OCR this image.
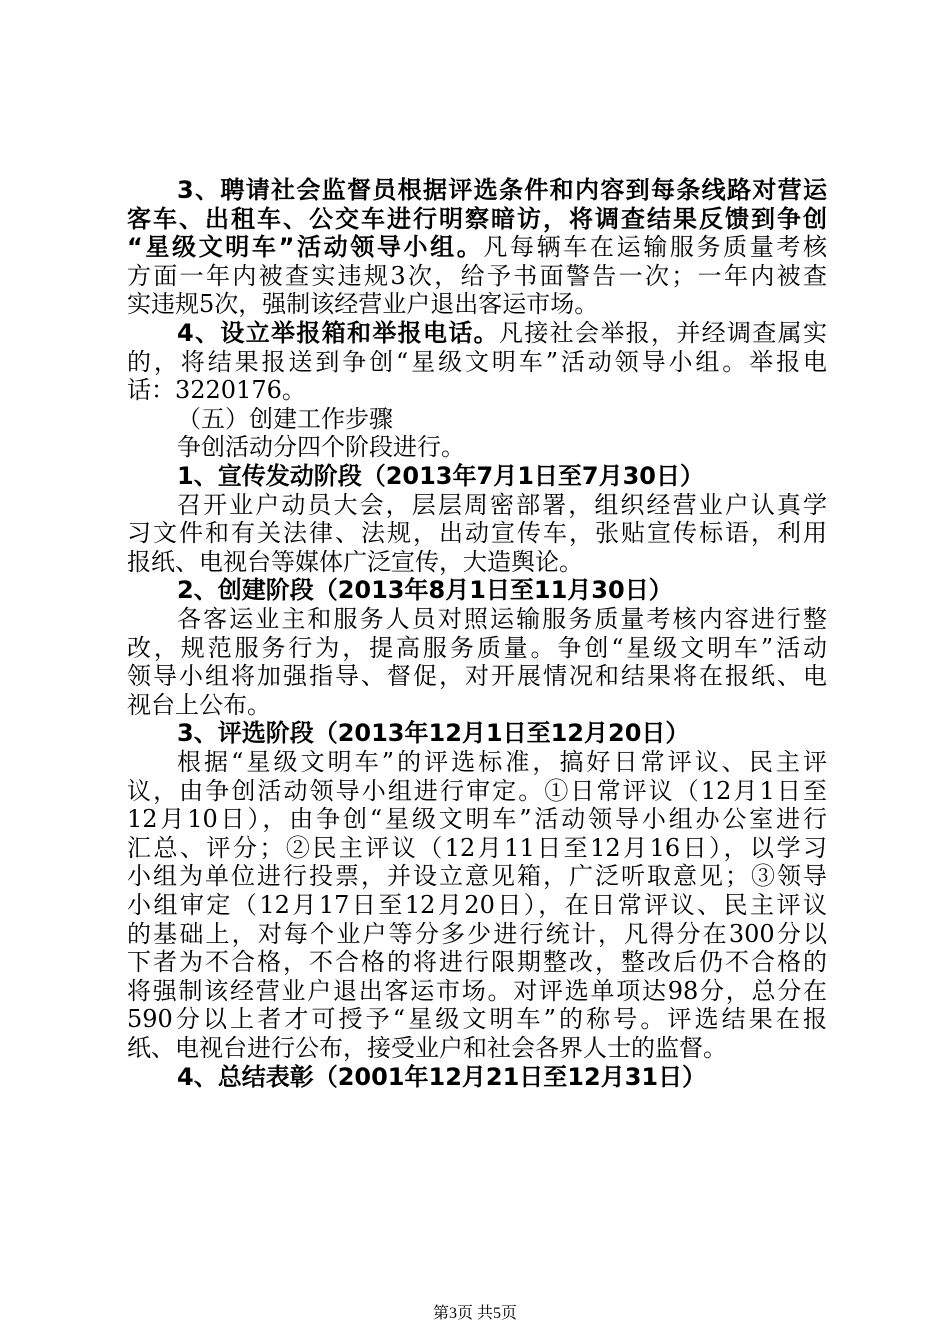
3、聘请社会监督员根据评选条件和内容到每条线路对营运
客车、出租车、公交车进行明察暗访，将调查结果反馈到争创
“星级文明车”活动领导小组。凡每辆车在运输服务质量考核
方面一年内被查实违规3次，给予书面警告一次；一年内被查
实违规5次，强制该经营业户退出客运市场。
4、设立举报箱和举报电话。凡接社会举报，并经调查属实
的，将结果报送到争创“星级文明车”活动领导小组。举报电
话：3220176。
（五）创建工作步骤
争创活动分四个阶段进行。
1、宣传发动阶段（2013年7月1日至7月30日）
召开业户动员大会，层层周密部署，组织经营业户认真学
习文件和有关法律、法规，出动宣传车，张贴宣传标语，利用
报纸、电视台等媒体广泛宣传，大造舆论。
2、创建阶段（2013年8月1日至11月30日）
各客运业主和服务人员对照运输服务质量考核内容进行整
改，规范服务行为，提高服务质量。争创“星级文明车”活动
领导小组将加强指导、督促，对开展情况和结果将在报纸、电
视台上公布。
3、评选阶段（2013年12月1日至12月20日）
根据“星级文明车”的评选标准，搞好日常评议、民主评
议，由争创活动领导小组进行审定。①日常评议（12月1日至
12月10日），由争创“星级文明车”活动领导小组办公室进行
汇总、评分；②民主评议（12月11日至12月16日），以学习
小组为单位进行投票，并设立意见箱，广泛听取意见；③领导
小组审定（12月17日至12月20日），在日常评议、民主评议
的基础上，对每个业户等分多少进行统计，凡得分在300分以
下者为不合格，不合格的将进行限期整改，整改后仍不合格的
将强制该经营业户退出客运市场。对评选单项达98分，总分在
590分以上者才可授予“星级文明车”的称号。评选结果在报
纸、电视台进行公布，接受业户和社会各界人士的监督。
4、总结表彰（2001年12月21日至12月31日）
第3页 共5页
